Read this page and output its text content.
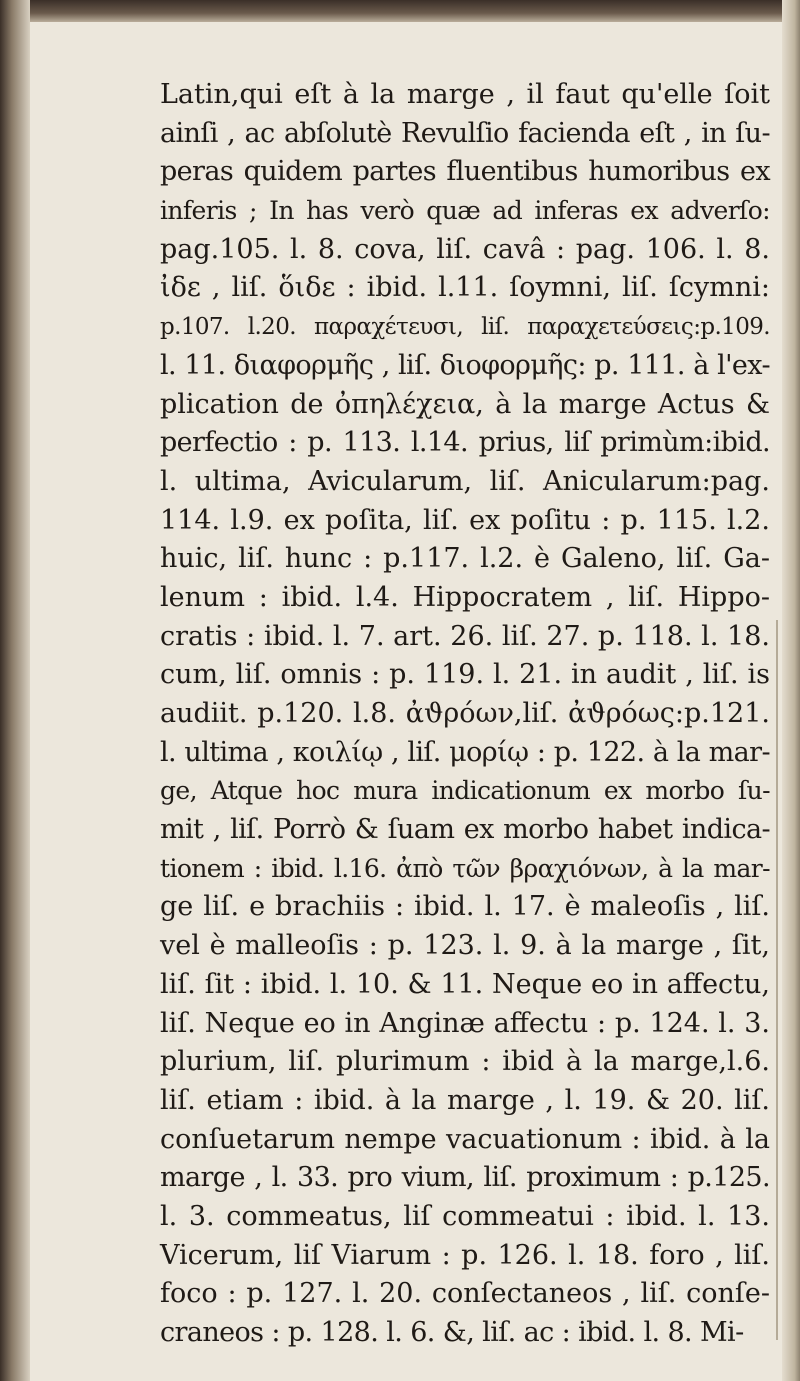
Latin,qui eſt à la marge , il faut qu'elle ſoit
ainſi , ac abſolutè Revulſio facienda eſt , in ſu-
peras quidem partes fluentibus humoribus ex
inferis ; In has verò quæ ad inferas ex adverſo:
pag.105. l. 8. cova, liſ. cavâ : pag. 106. l. 8.
ἰδε , liſ. ὅιδε : ibid. l.11. ſoymni, liſ. ſcymni:
p.107. l.20. παραχέτευσι, liſ. παραχετεύσεις:p.109.
l. 11. διαφορμῆς , liſ. διοφορμῆς: p. 111. à l'ex-
plication de ὀπηλέχεια, à la marge Actus &
perfectio : p. 113. l.14. prius, liſ primùm:ibid.
l. ultima, Avicularum, liſ. Anicularum:pag.
114. l.9. ex poſita, liſ. ex poſitu : p. 115. l.2.
huic, liſ. hunc : p.117. l.2. è Galeno, liſ. Ga-
lenum : ibid. l.4. Hippocratem , liſ. Hippo-
cratis : ibid. l. 7. art. 26. liſ. 27. p. 118. l. 18.
cum, liſ. omnis : p. 119. l. 21. in audit , liſ. is
audiit. p.120. l.8. ἀϑρόων,liſ. ἀϑρόως:p.121.
l. ultima , κοιλίῳ , liſ. μορίῳ : p. 122. à la mar-
ge, Atque hoc mura indicationum ex morbo ſu-
mit , liſ. Porrò & ſuam ex morbo habet indica-
tionem : ibid. l.16. ἀπὸ τῶν βραχιόνων, à la mar-
ge liſ. e brachiis : ibid. l. 17. è maleoſis , liſ.
vel è malleoſis : p. 123. l. 9. à la marge , ſit,
liſ. ſit : ibid. l. 10. & 11. Neque eo in affectu,
liſ. Neque eo in Anginæ affectu : p. 124. l. 3.
plurium, liſ. plurimum : ibid à la marge,l.6.
liſ. etiam : ibid. à la marge , l. 19. & 20. liſ.
conſuetarum nempe vacuationum : ibid. à la
marge , l. 33. pro vium, liſ. proximum : p.125.
l. 3. commeatus, liſ commeatui : ibid. l. 13.
Vicerum, liſ Viarum : p. 126. l. 18. foro , liſ.
foco : p. 127. l. 20. conſectaneos , liſ. conſe-
craneos : p. 128. l. 6. &, liſ. ac : ibid. l. 8. Mi-
